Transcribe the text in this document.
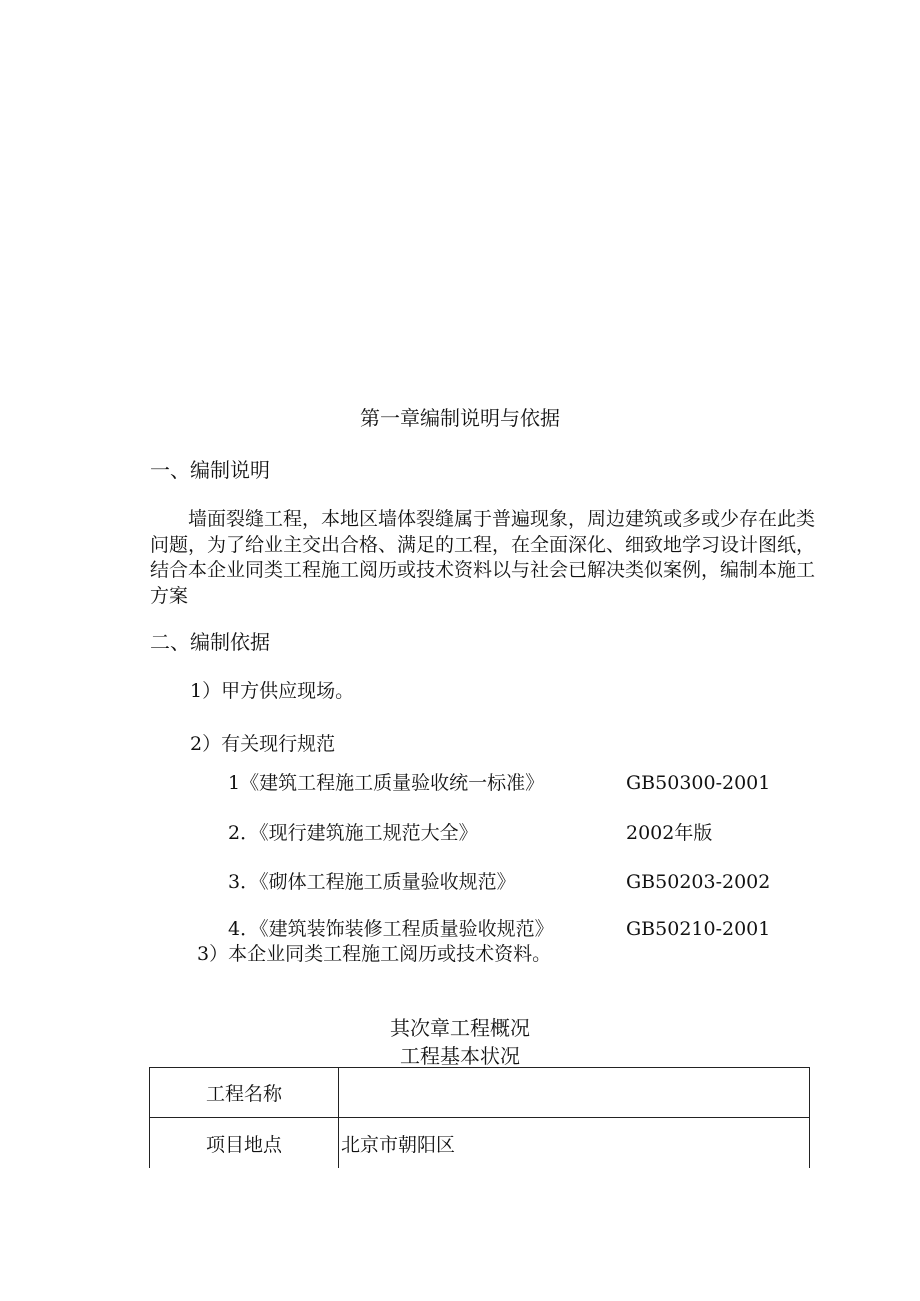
第一章编制说明与依据
一、编制说明
墙面裂缝工程，本地区墙体裂缝属于普遍现象，周边建筑或多或少存在此类
问题，为了给业主交出合格、满足的工程，在全面深化、细致地学习设计图纸，
结合本企业同类工程施工阅历或技术资料以与社会已解决类似案例，编制本施工
方案
二、编制依据
1）甲方供应现场。
2）有关现行规范
1《建筑工程施工质量验收统一标准》	GB50300-2001
2．《现行建筑施工规范大全》	2002年版
3．《砌体工程施工质量验收规范》	GB50203-2002
4．《建筑装饰装修工程质量验收规范》	GB50210-2001
3）本企业同类工程施工阅历或技术资料。
其次章工程概况
工程基本状况
工程名称	
项目地点	北京市朝阳区
